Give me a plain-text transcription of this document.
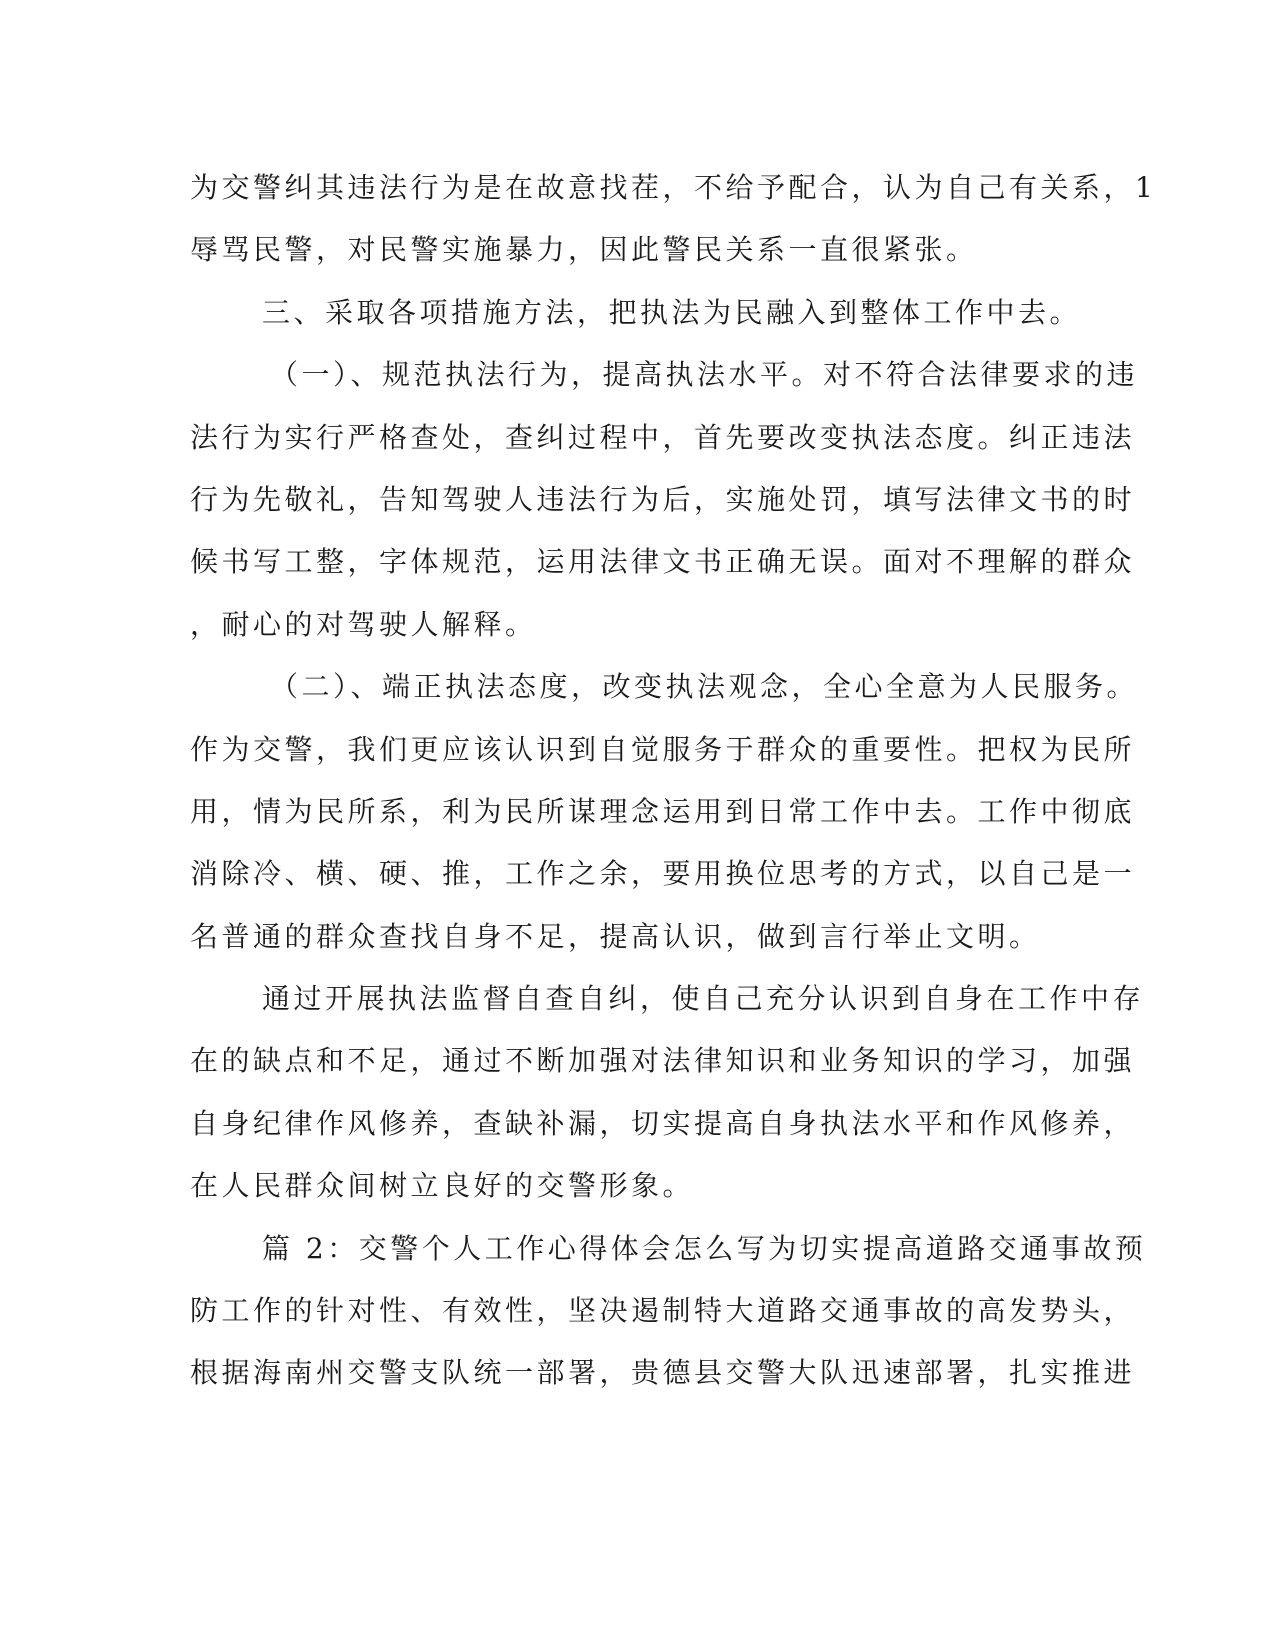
为交警纠其违法行为是在故意找茬，不给予配合，认为自己有关系，1
辱骂民警，对民警实施暴力，因此警民关系一直很紧张。
三、采取各项措施方法，把执法为民融入到整体工作中去。
（一）、规范执法行为，提高执法水平。对不符合法律要求的违
法行为实行严格查处，查纠过程中，首先要改变执法态度。纠正违法
行为先敬礼，告知驾驶人违法行为后，实施处罚，填写法律文书的时
候书写工整，字体规范，运用法律文书正确无误。面对不理解的群众
，耐心的对驾驶人解释。
（二）、端正执法态度，改变执法观念，全心全意为人民服务。
作为交警，我们更应该认识到自觉服务于群众的重要性。把权为民所
用，情为民所系，利为民所谋理念运用到日常工作中去。工作中彻底
消除冷、横、硬、推，工作之余，要用换位思考的方式，以自己是一
名普通的群众查找自身不足，提高认识，做到言行举止文明。
通过开展执法监督自查自纠，使自己充分认识到自身在工作中存
在的缺点和不足，通过不断加强对法律知识和业务知识的学习，加强
自身纪律作风修养，查缺补漏，切实提高自身执法水平和作风修养，
在人民群众间树立良好的交警形象。
篇 2：交警个人工作心得体会怎么写为切实提高道路交通事故预
防工作的针对性、有效性，坚决遏制特大道路交通事故的高发势头，
根据海南州交警支队统一部署，贵德县交警大队迅速部署，扎实推进
